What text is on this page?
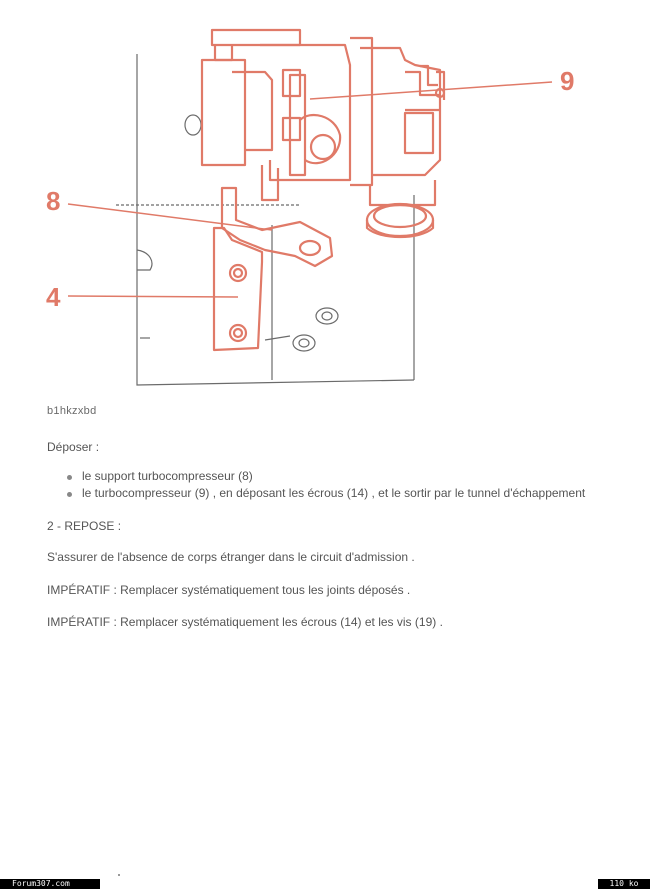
9
8
4
b1hkzxbd
Déposer :
le support turbocompresseur (8)
le turbocompresseur (9) , en déposant les écrous (14) , et le sortir par le tunnel d'échappement
2 - REPOSE :
S'assurer de l'absence de corps étranger dans le circuit d'admission .
IMPÉRATIF : Remplacer systématiquement tous les joints déposés .
IMPÉRATIF : Remplacer systématiquement les écrous (14) et les vis (19) .
Forum307.com	110 ko
